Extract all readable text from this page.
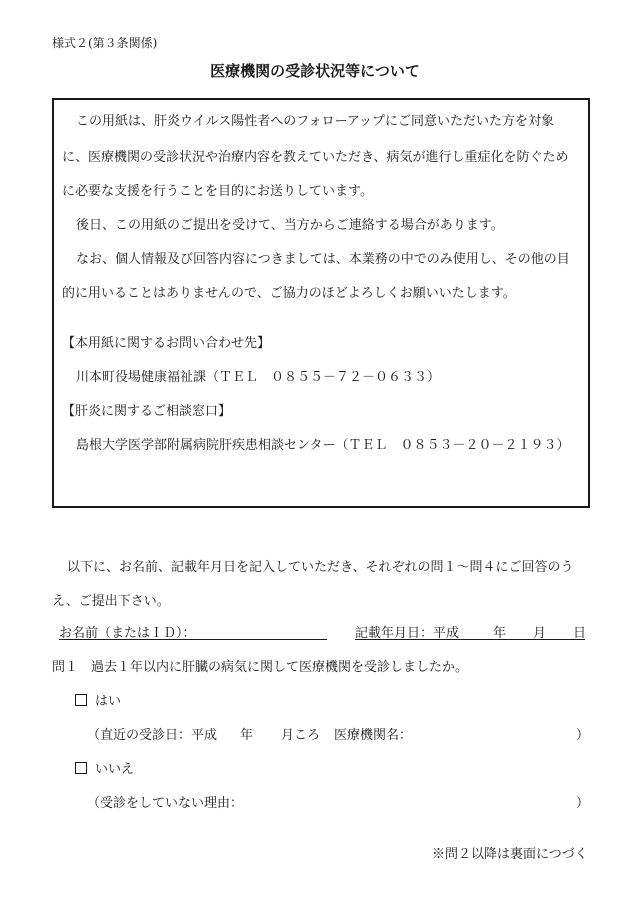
様式２(第３条関係)
医療機関の受診状況等について
この用紙は、肝炎ウイルス陽性者へのフォローアップにご同意いただいた方を対象
に、医療機関の受診状況や治療内容を教えていただき、病気が進行し重症化を防ぐため
に必要な支援を行うことを目的にお送りしています。
後日、この用紙のご提出を受けて、当方からご連絡する場合があります。
なお、個人情報及び回答内容につきましては、本業務の中でのみ使用し、その他の目
的に用いることはありませんので、ご協力のほどよろしくお願いいたします。
【本用紙に関するお問い合わせ先】
川本町役場健康福祉課（ＴＥＬ　０８５５－７２－０６３３）
【肝炎に関するご相談窓口】
島根大学医学部附属病院肝疾患相談センター（ＴＥＬ　０８５３－２０－２１９３）
以下に、お名前、記載年月日を記入していただき、それぞれの問１～問４にご回答のう
え、ご提出下さい。
お名前（またはＩＤ）：	記載年月日：平成	年 月 日
問１　過去１年以内に肝臓の病気に関して医療機関を受診しましたか。
はい
（直近の受診日：平成 年 月ころ 医療機関名：	）
いいえ
（受診をしていない理由：	）
※問２以降は裏面につづく
